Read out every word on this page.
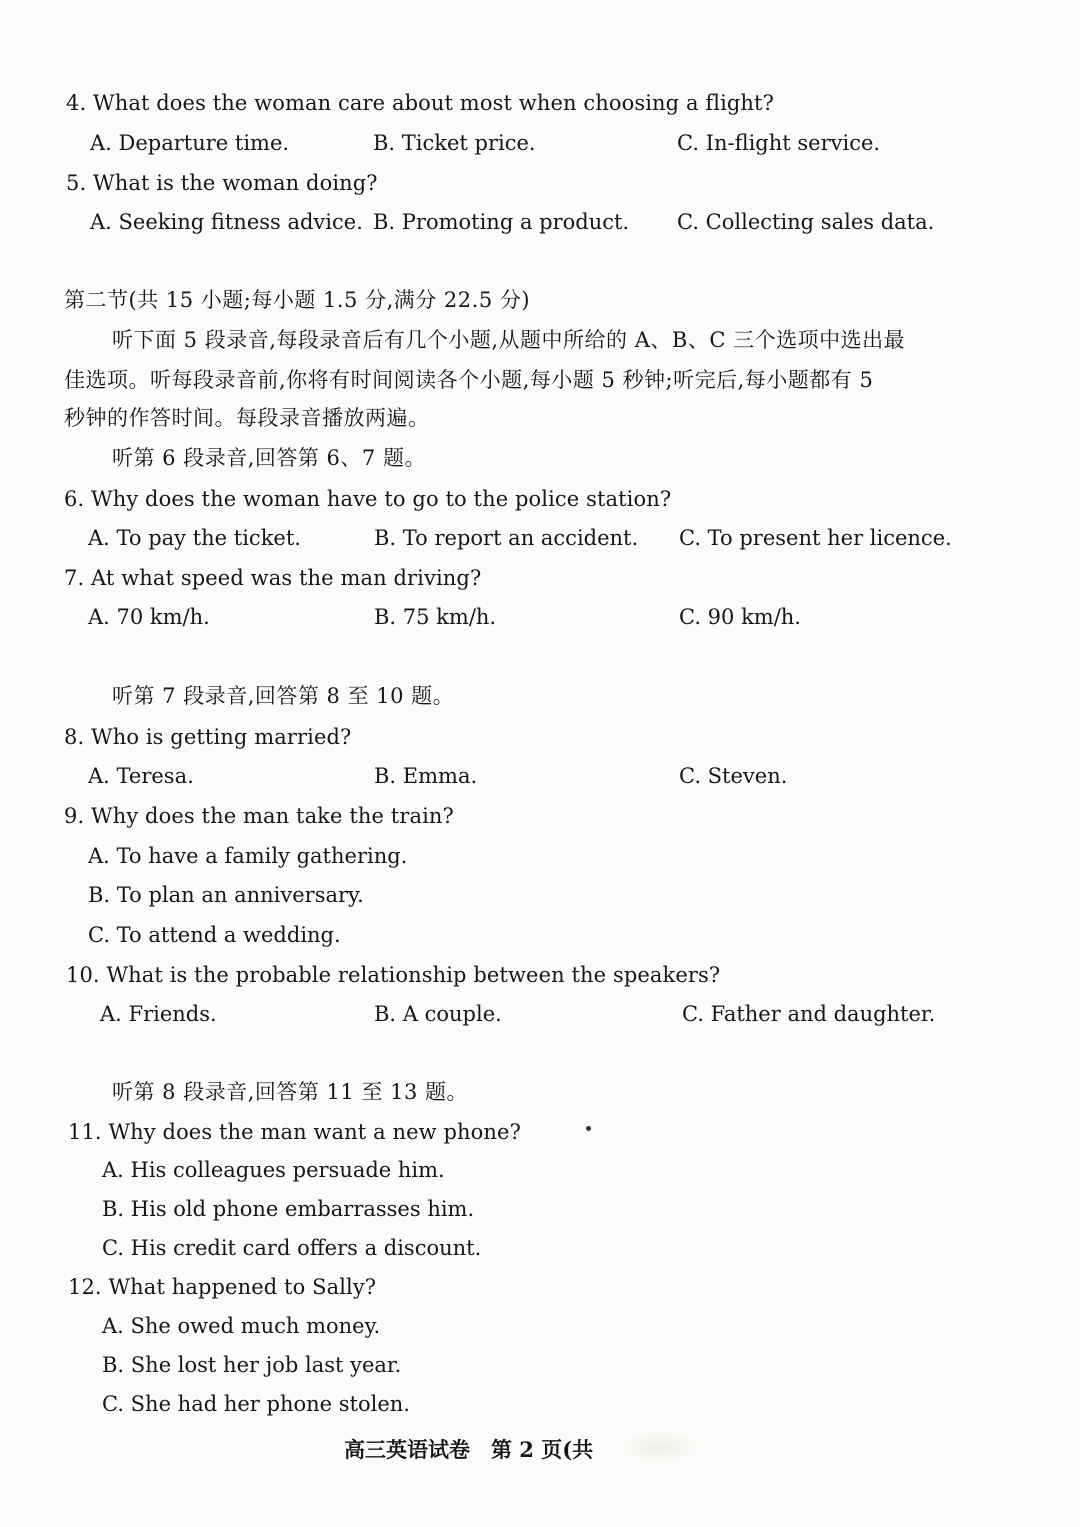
4. What does the woman care about most when choosing a flight?
A. Departure time.	B. Ticket price.	C. In-flight service.
5. What is the woman doing?
A. Seeking fitness advice. B. Promoting a product. C. Collecting sales data.
第二节(共 15 小题;每小题 1.5 分,满分 22.5 分)
听下面 5 段录音,每段录音后有几个小题,从题中所给的 A、B、C 三个选项中选出最
佳选项。听每段录音前,你将有时间阅读各个小题,每小题 5 秒钟;听完后,每小题都有 5
秒钟的作答时间。每段录音播放两遍。
听第 6 段录音,回答第 6、7 题。
6. Why does the woman have to go to the police station?
A. To pay the ticket.	B. To report an accident. C. To present her licence.
7. At what speed was the man driving?
A. 70 km/h.	B. 75 km/h.	C. 90 km/h.
听第 7 段录音,回答第 8 至 10 题。
8. Who is getting married?
A. Teresa.	B. Emma.	C. Steven.
9. Why does the man take the train?
A. To have a family gathering.
B. To plan an anniversary.
C. To attend a wedding.
10. What is the probable relationship between the speakers?
A. Friends.	B. A couple.	C. Father and daughter.
听第 8 段录音,回答第 11 至 13 题。
11. Why does the man want a new phone?
A. His colleagues persuade him.
B. His old phone embarrasses him.
C. His credit card offers a discount.
12. What happened to Sally?
A. She owed much money.
B. She lost her job last year.
C. She had her phone stolen.
高三英语试卷　第 2 页(共
